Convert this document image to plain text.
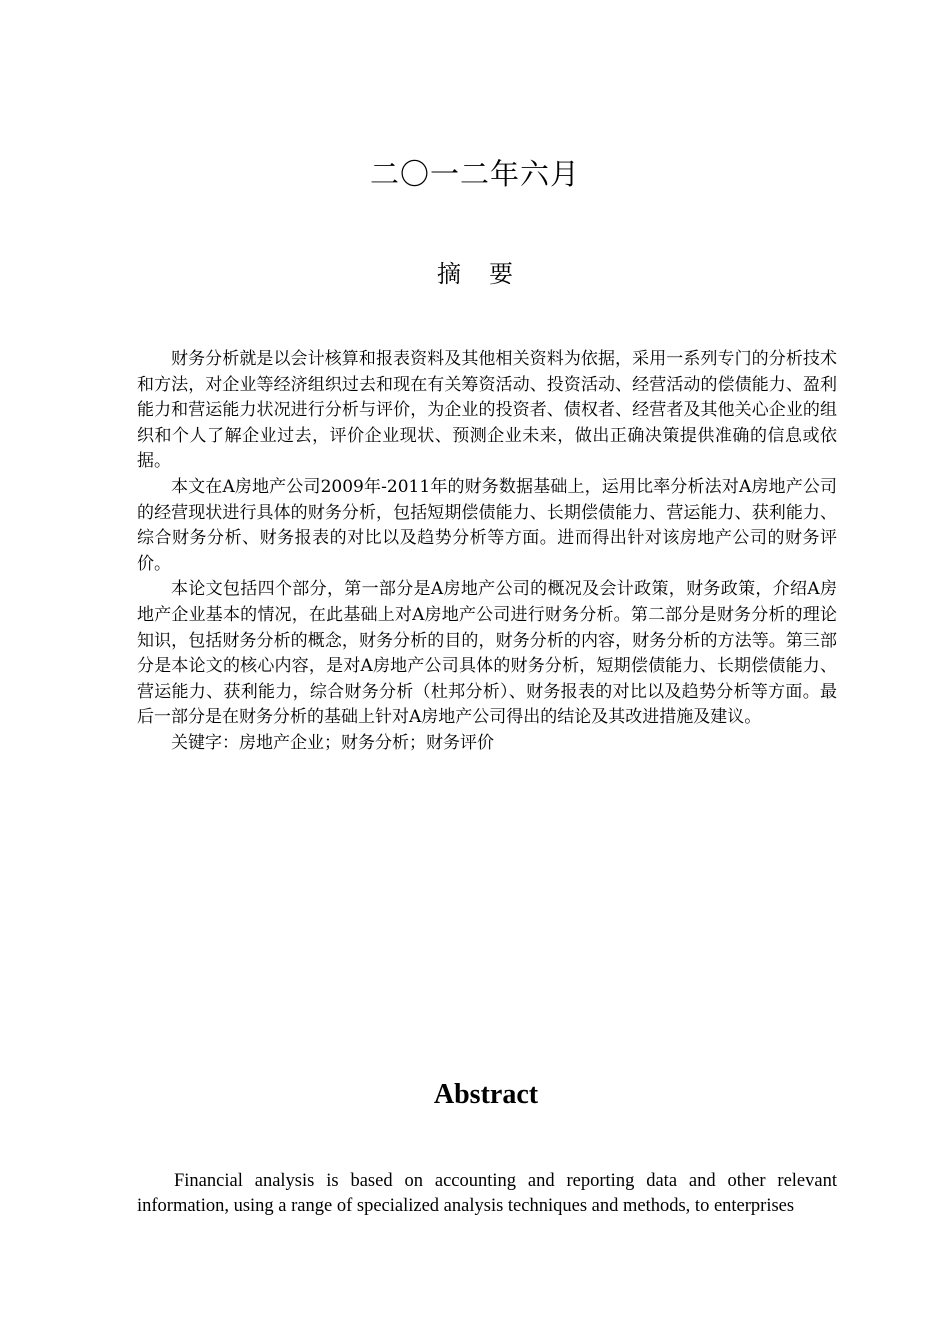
二〇一二年六月
摘 要

财务分析就是以会计核算和报表资料及其他相关资料为依据，采用一系列专门的分析技术和方法，对企业等经济组织过去和现在有关筹资活动、投资活动、经营活动的偿债能力、盈利能力和营运能力状况进行分析与评价，为企业的投资者、债权者、经营者及其他关心企业的组织和个人了解企业过去，评价企业现状、预测企业未来，做出正确决策提供准确的信息或依据。

本文在A房地产公司2009年-2011年的财务数据基础上，运用比率分析法对A房地产公司的经营现状进行具体的财务分析，包括短期偿债能力、长期偿债能力、营运能力、获利能力、综合财务分析、财务报表的对比以及趋势分析等方面。进而得出针对该房地产公司的财务评价。

本论文包括四个部分，第一部分是A房地产公司的概况及会计政策，财务政策，介绍A房地产企业基本的情况，在此基础上对A房地产公司进行财务分析。第二部分是财务分析的理论知识，包括财务分析的概念，财务分析的目的，财务分析的内容，财务分析的方法等。第三部分是本论文的核心内容，是对A房地产公司具体的财务分析，短期偿债能力、长期偿债能力、营运能力、获利能力，综合财务分析（杜邦分析）、财务报表的对比以及趋势分析等方面。最后一部分是在财务分析的基础上针对A房地产公司得出的结论及其改进措施及建议。

关键字：房地产企业；财务分析；财务评价

Abstract

Financial analysis is based on accounting and reporting data and other relevant information, using a range of specialized analysis techniques and methods, to enterprises
